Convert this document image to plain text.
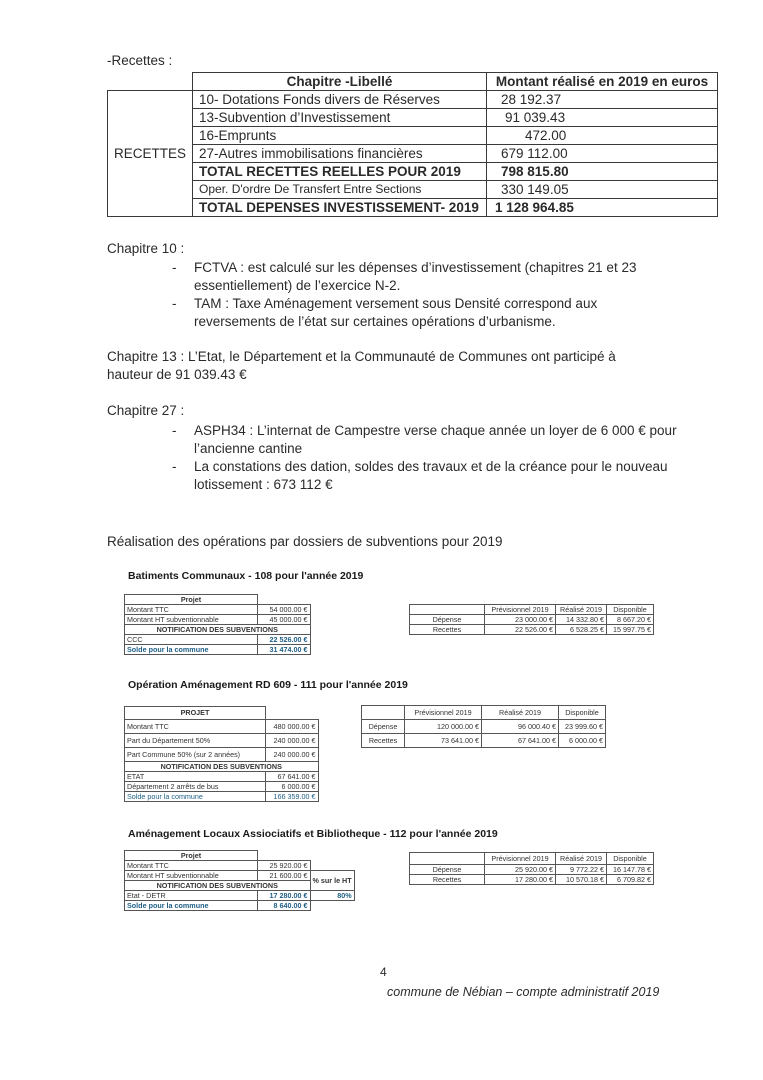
-Recettes :
	Chapitre -Libellé	Montant réalisé en 2019 en euros
RECETTES	10- Dotations Fonds divers de Réserves	28 192.37
	13-Subvention d’Investissement	91 039.43
	16-Emprunts	472.00
	27-Autres immobilisations financières	679 112.00
	TOTAL RECETTES REELLES POUR 2019	798 815.80
	Oper. D'ordre De Transfert Entre Sections	330 149.05
	TOTAL DEPENSES INVESTISSEMENT- 2019	1 128 964.85
Chapitre 10 :
- FCTVA : est calculé sur les dépenses d’investissement (chapitres 21 et 23
essentiellement) de l’exercice N-2.
- TAM : Taxe Aménagement versement sous Densité correspond aux
reversements de l’état sur certaines opérations d’urbanisme.
Chapitre 13 : L’Etat, le Département et la Communauté de Communes ont participé à
hauteur de 91 039.43 €
Chapitre 27 :
- ASPH34 : L’internat de Campestre verse chaque année un loyer de 6 000 € pour
l’ancienne cantine
- La constations des dation, soldes des travaux et de la créance pour le nouveau
lotissement : 673 112 €
Réalisation des opérations par dossiers de subventions pour 2019
Batiments Communaux - 108 pour l'année 2019
Projet	
Montant TTC	54 000.00 €
Montant HT subventionnable	45 000.00 €
NOTIFICATION DES SUBVENTIONS	
CCC	22 526.00 €
Solde pour la commune	31 474.00 €
	Prévisionnel 2019	Réalisé 2019	Disponible
Dépense	23 000.00 €	14 332.80 €	8 667.20 €
Recettes	22 526.00 €	6 528.25 €	15 997.75 €
Opération Aménagement RD 609 - 111 pour l'année 2019
PROJET	
Montant TTC	480 000.00 €
Part du Département 50%	240 000.00 €
Part Commune 50% (sur 2 années)	240 000.00 €
NOTIFICATION DES SUBVENTIONS	
ETAT	67 641.00 €
Département 2 arrêts de bus	6 000.00 €
Solde pour la commune	166 359.00 €
	Prévisionnel 2019	Réalisé 2019	Disponible
Dépense	120 000.00 €	96 000.40 €	23 999.60 €
Recettes	73 641.00 €	67 641.00 €	6 000.00 €
Aménagement Locaux Assiociatifs et Bibliotheque - 112 pour l'année 2019
Projet		
Montant TTC	25 920.00 €	
Montant HT subventionnable	21 600.00 €	% sur le HT
NOTIFICATION DES SUBVENTIONS		
Etat - DETR	17 280.00 €	80%
Solde pour la commune	8 640.00 €	
	Prévisionnel 2019	Réalisé 2019	Disponible
Dépense	25 920.00 €	9 772.22 €	16 147.78 €
Recettes	17 280.00 €	10 570.18 €	6 709.82 €
4
commune de Nébian – compte administratif 2019
